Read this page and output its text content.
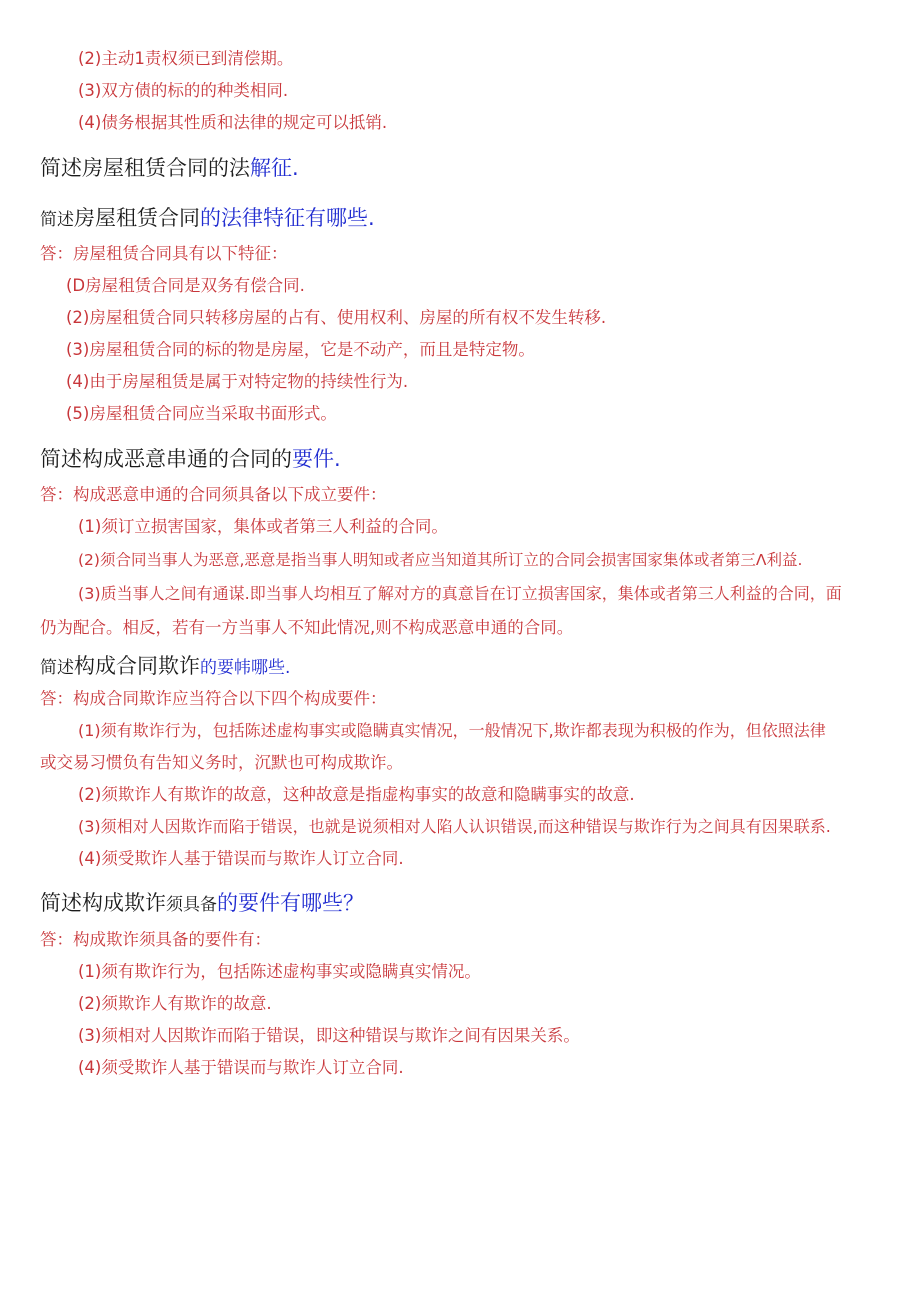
(2)主动1责权须已到清偿期。
(3)双方债的标的的种类相同.
(4)债务根据其性质和法律的规定可以抵销.
简述房屋租赁合同的法解征.
简述房屋租赁合同的法律特征有哪些.
答：房屋租赁合同具有以下特征：
(D房屋租赁合同是双务有偿合同.
(2)房屋租赁合同只转移房屋的占有、使用权利、房屋的所有权不发生转移.
(3)房屋租赁合同的标的物是房屋，它是不动产，而且是特定物。
(4)由于房屋租赁是属于对特定物的持续性行为.
(5)房屋租赁合同应当采取书面形式。
简述构成恶意串通的合同的要件.
答：构成恶意申通的合同须具备以下成立要件：
(1)须订立损害国家，集体或者第三人利益的合同。
(2)须合同当事人为恶意,恶意是指当事人明知或者应当知道其所订立的合同会损害国家集体或者第三Λ利益.
(3)质当事人之间有通谋.即当事人均相互了解对方的真意旨在订立损害国家，集体或者第三人利益的合同，面
仍为配合。相反，若有一方当事人不知此情况,则不构成恶意申通的合同。
简述构成合同欺诈的要帏哪些.
答：构成合同欺诈应当符合以下四个构成要件：
(1)须有欺诈行为，包括陈述虚构事实或隐瞒真实情况，一般情况下,欺诈都表现为积极的作为，但依照法律
或交易习惯负有告知义务时，沉默也可构成欺诈。
(2)须欺诈人有欺诈的故意，这种故意是指虚构事实的故意和隐瞒事实的故意.
(3)须相对人因欺诈而陷于错误，也就是说须相对人陷人认识错误,而这种错误与欺诈行为之间具有因果联系.
(4)须受欺诈人基于错误而与欺诈人订立合同.
简述构成欺诈须具备的要件有哪些？
答：构成欺诈须具备的要件有：
(1)须有欺诈行为，包括陈述虚构事实或隐瞒真实情况。
(2)须欺诈人有欺诈的故意.
(3)须相对人因欺诈而陷于错误，即这种错误与欺诈之间有因果关系。
(4)须受欺诈人基于错误而与欺诈人订立合同.
